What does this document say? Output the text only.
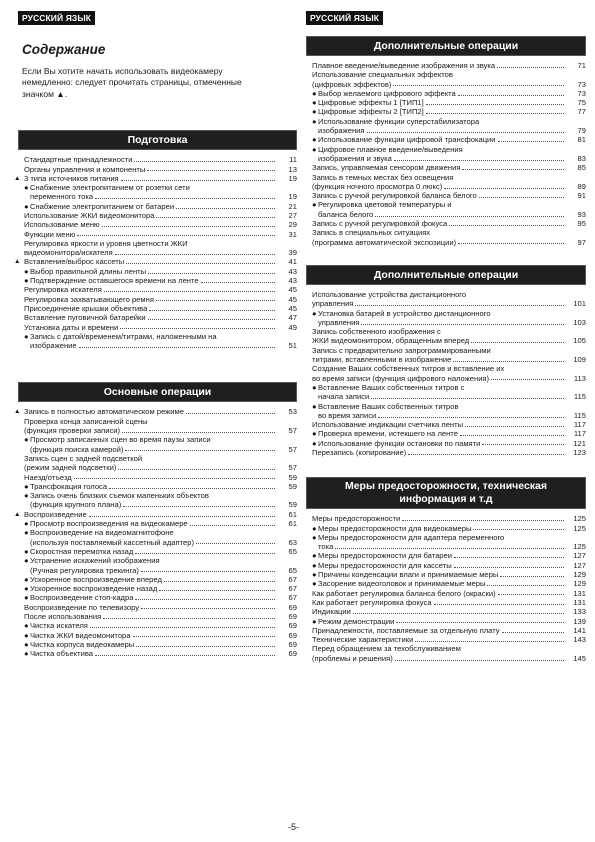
РУССКИЙ ЯЗЫК
Содержание
Если Вы хотите начать использовать видеокамеру
немедленно: следует прочитать страницы, отмеченные
значком ▲.
Подготовка
Стандартные принадлежности	11
Органы управления и компоненты	13
▲ 3 типа источников питания	19
● Снабжение электропитанием от розетки сети
переменного тока	19
● Снабжение электропитанием от батареи	21
Использование ЖКИ видеомонитора	27
Использование меню	29
Функции меню	31
Регулировка яркости и уровня цветности ЖКИ
видеомонитора/искателя	39
▲ Вставление/выброс кассеты	41
● Выбор правильной длины ленты	43
● Подтверждение оставшегося времени на ленте	43
Регулировка искателя	45
Регулировка захватывающего ремня	45
Присоединение крышки объектива	45
Вставление пуговичной батарейки	47
Установка даты и времени	49
● Запись с датой/временем/титрами, наложенными на
изображение	51
Основные операции
▲ Запись в полностью автоматическом режиме	53
Проверка конца записанной сцены
(функция проверки записи)	57
● Просмотр записанных сцен во время паузы записи
(функция поиска камерой)	57
Запись сцен с задней подсветкой
(режим задней подсветки)	57
Наезд/отъезд	59
● Трансфокация голоса	59
● Запись очень близких съемок маленьких объектов
(функция крупного плана)	59
▲ Воспроизведение	61
● Просмотр воспроизведения на видеокамере	61
● Воспроизведение на видеомагнитофоне
(используя поставляемый кассетный адаптер)	63
● Скоростная перемотка назад	65
● Устранение искажений изображения
(Ручная регулировка трекинга)	65
● Ускоренное воспроизведение вперед	67
● Ускоренное воспроизведение назад	67
● Воспроизведение стоп-кадра	67
Воспроизведение по телевизору	69
После использования	69
● Чистка искателя	69
● Чистка ЖКИ видеомонитора	69
● Чистка корпуса видеокамеры	69
● Чистка объектива	69
РУССКИЙ ЯЗЫК
Дополнительные операции
Плавное введение/выведение изображения и звука	71
Использование специальных эффектов
(цифровых эффектов)	73
● Выбор желаемого цифрового эффекта	73
● Цифровые эффекты 1 [ТИП1]	75
● Цифровые эффекты 2 [ТИП2]	77
● Использование функции суперстабилизатора
изображения	79
● Использование функции цифровой трансфокации	81
● Цифровое плавное введение/выведения
изображения и звука	83
Запись, управляемая сенсором движения	85
Запись в темных местах без освещения
(функция ночного просмотра 0 люкс)	89
Запись с ручной регулировкой баланса белого	91
● Регулировка цветовой температуры и
баланса белого	93
Запись с ручной регулировкой фокуса	95
Запись в специальных ситуациях
(программа автоматической экспозиции)	97
Дополнительные операции
Использование устройства дистанционного
управления	101
● Установка батарей в устройство дистанционного
управления	103
Запись собственного изображения с
ЖКИ видеомонитором, обращенным вперед	105
Запись с предварительно запрограммированными
титрами, вставленными в изображение	109
Создание Ваших собственных титров и вставление их
во время записи (функция цифрового наложения)	113
● Вставление Ваших собственных титров с
начала записи	115
● Вставление Ваших собственных титров
во время записи	115
Использование индикации счетчика ленты	117
● Проверка времени, истекшего на ленте	117
● Использование функции остановки по памяти	121
Перезапись (копирование)	123
Меры предосторожности, техническая
информация и т.д
Меры предосторожности	125
● Меры предосторожности для видеокамеры	125
● Меры предосторожности для адаптера переменного
тока	125
● Меры предосторожности для батареи	127
● Меры предосторожности для кассеты	127
● Причины конденсации влаги и принимаемые меры	129
● Засорение видеоголовок и принимаемые меры	129
Как работает регулировка баланса белого (окраски)	131
Как работает регулировка фокуса	131
Индикации	133
● Режим демонстрации	139
Принадлежности, поставляемые за отдельную плату	141
Технические характеристики	143
Перед обращением за техобслуживанием
(проблемы и решения)	145
-5-
